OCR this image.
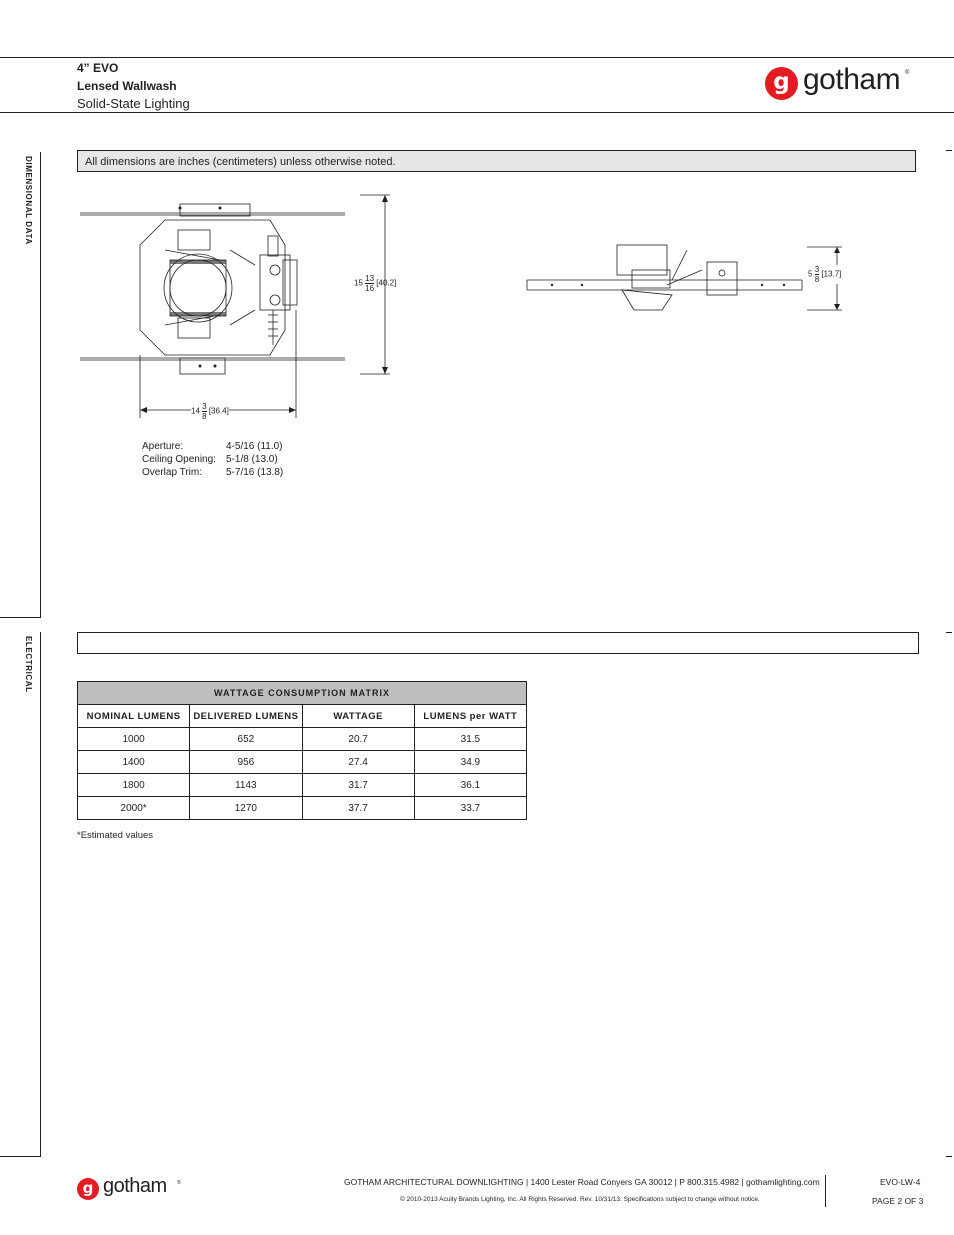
4” EVO
Lensed Wallwash
Solid-State Lighting
g gotham ®
DIMENSIONAL DATA
ELECTRICAL
All dimensions are inches (centimeters) unless otherwise noted.
$15 \frac{13}{16} [40.2]$
$14 \frac{3}{8} [36.4]$
$5 \frac{3}{8} [13.7]$
Aperture:	4-5/16 (11.0)
Ceiling Opening: 5-1/8 (13.0)
Overlap Trim: 5-7/16 (13.8)
WATTAGE CONSUMPTION MATRIX			
NOMINAL LUMENS	DELIVERED LUMENS	WATTAGE	LUMENS per WATT
1000	652	20.7	31.5
1400	956	27.4	34.9
1800	1143	31.7	36.1
2000*	1270	37.7	33.7
*Estimated values
g gotham ®	GOTHAM ARCHITECTURAL DOWNLIGHTING | 1400 Lester Road Conyers GA 30012 | P 800.315.4982 | gothamlighting.com
© 2010-2013 Acuity Brands Lighting, Inc. All Rights Reserved. Rev. 10/31/13. Specifications subject to change without notice.
EVO-LW-4
PAGE 2 OF 3
